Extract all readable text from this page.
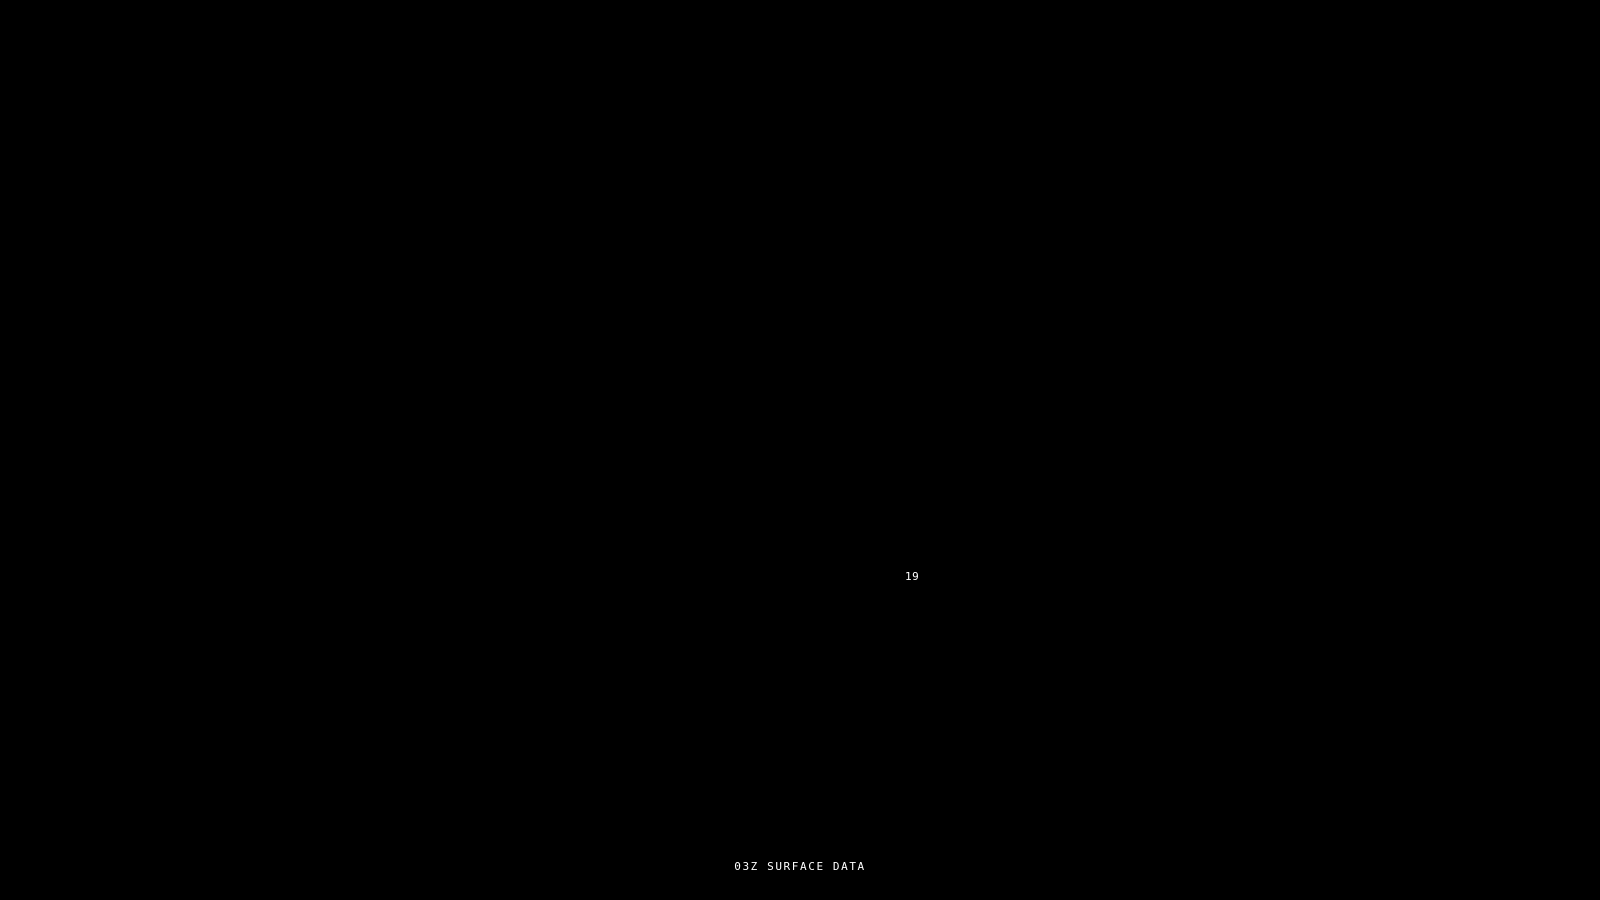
19
03Z SURFACE DATA
